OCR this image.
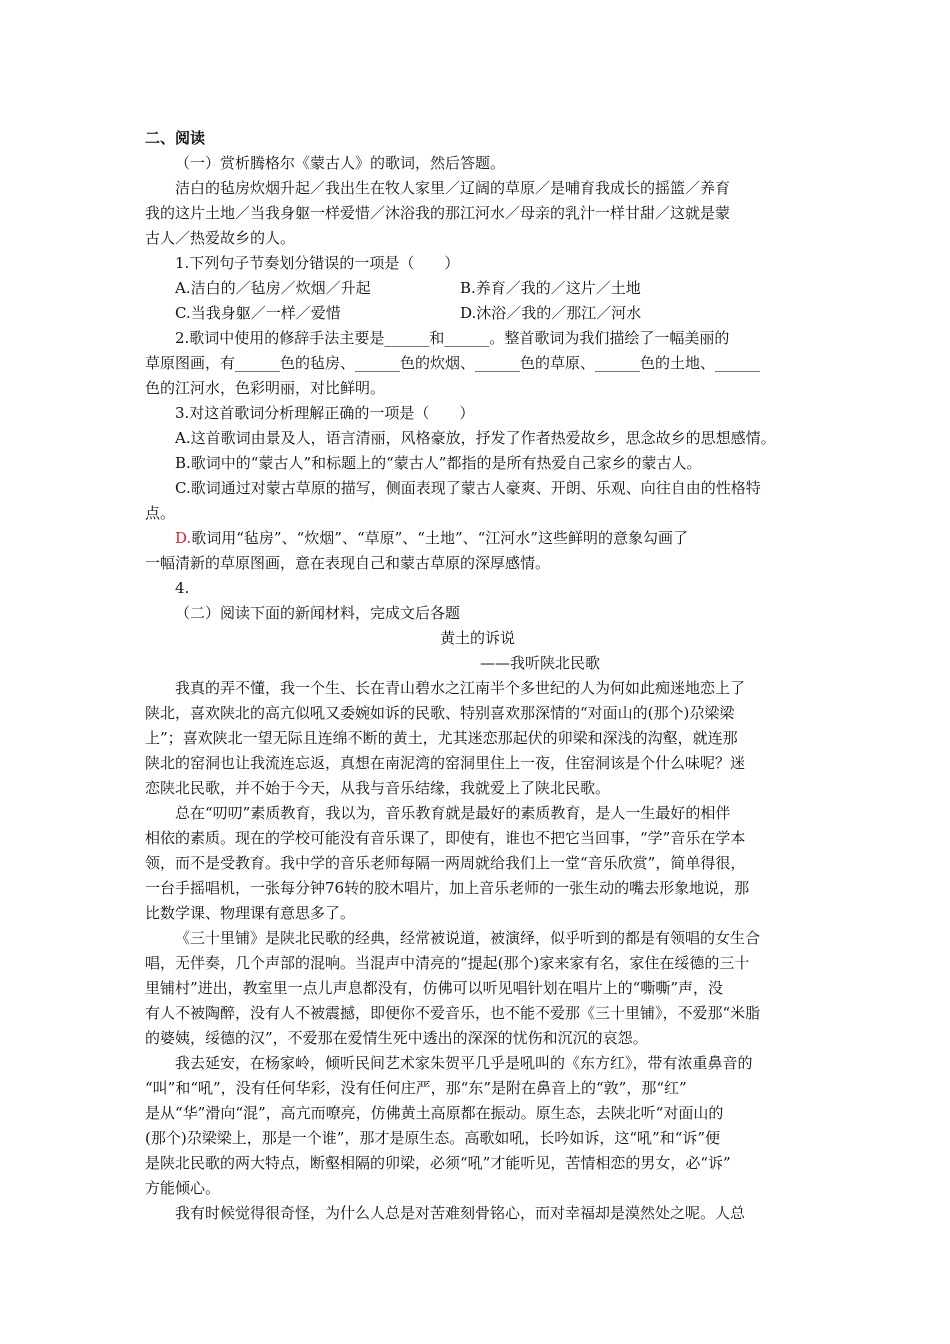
二、阅读
（一）赏析腾格尔《蒙古人》的歌词，然后答题。
洁白的毡房炊烟升起／我出生在牧人家里／辽阔的草原／是哺育我成长的摇篮／养育
我的这片土地／当我身躯一样爱惜／沐浴我的那江河水／母亲的乳汁一样甘甜／这就是蒙
古人／热爱故乡的人。
1.下列句子节奏划分错误的一项是（　　）
A.洁白的／毡房／炊烟／升起	B.养育／我的／这片／土地
C.当我身躯／一样／爱惜	D.沐浴／我的／那江／河水
2.歌词中使用的修辞手法主要是______和______。整首歌词为我们描绘了一幅美丽的
草原图画，有______色的毡房、______色的炊烟、______色的草原、______色的土地、______
色的江河水，色彩明丽，对比鲜明。
3.对这首歌词分析理解正确的一项是（　　）
A.这首歌词由景及人，语言清丽，风格豪放，抒发了作者热爱故乡，思念故乡的思想感情。
B.歌词中的“蒙古人”和标题上的“蒙古人”都指的是所有热爱自己家乡的蒙古人。
C.歌词通过对蒙古草原的描写，侧面表现了蒙古人豪爽、开朗、乐观、向往自由的性格特
点。
D.歌词用“毡房”、“炊烟”、“草原”、“土地”、“江河水”这些鲜明的意象勾画了
一幅清新的草原图画，意在表现自己和蒙古草原的深厚感情。
4.
（二）阅读下面的新闻材料，完成文后各题
黄土的诉说
——我听陕北民歌
我真的弄不懂，我一个生、长在青山碧水之江南半个多世纪的人为何如此痴迷地恋上了
陕北，喜欢陕北的高亢似吼又委婉如诉的民歌、特别喜欢那深情的“对面山的(那个)尕梁梁
上”；喜欢陕北一望无际且连绵不断的黄土，尤其迷恋那起伏的卯梁和深浅的沟壑，就连那
陕北的窑洞也让我流连忘返，真想在南泥湾的窑洞里住上一夜，住窑洞该是个什么味呢？迷
恋陕北民歌，并不始于今天，从我与音乐结缘，我就爱上了陕北民歌。
总在“叨叨”素质教育，我以为，音乐教育就是最好的素质教育，是人一生最好的相伴
相依的素质。现在的学校可能没有音乐课了，即使有，谁也不把它当回事，“学”音乐在学本
领，而不是受教育。我中学的音乐老师每隔一两周就给我们上一堂“音乐欣赏”，简单得很，
一台手摇唱机，一张每分钟76转的胶木唱片，加上音乐老师的一张生动的嘴去形象地说，那
比数学课、物理课有意思多了。
《三十里铺》是陕北民歌的经典，经常被说道，被演绎，似乎听到的都是有领唱的女生合
唱，无伴奏，几个声部的混响。当混声中清亮的“提起(那个)家来家有名，家住在绥德的三十
里铺村”进出，教室里一点儿声息都没有，仿佛可以听见唱针划在唱片上的“嘶嘶”声，没
有人不被陶醉，没有人不被震撼，即便你不爱音乐，也不能不爱那《三十里铺》，不爱那“米脂
的婆姨，绥德的汉”，不爱那在爱情生死中透出的深深的忧伤和沉沉的哀怨。
我去延安，在杨家岭，倾听民间艺术家朱贺平几乎是吼叫的《东方红》，带有浓重鼻音的
“叫”和“吼”，没有任何华彩，没有任何庄严，那“东”是附在鼻音上的“敦”，那“红”
是从“华”滑向“混”，高亢而嘹亮，仿佛黄土高原都在振动。原生态，去陕北听“对面山的
(那个)尕梁梁上，那是一个谁”，那才是原生态。高歌如吼，长吟如诉，这“吼”和“诉”便
是陕北民歌的两大特点，断壑相隔的卯梁，必须“吼”才能听见，苦情相恋的男女，必“诉”
方能倾心。
我有时候觉得很奇怪，为什么人总是对苦难刻骨铭心，而对幸福却是漠然处之呢。人总
